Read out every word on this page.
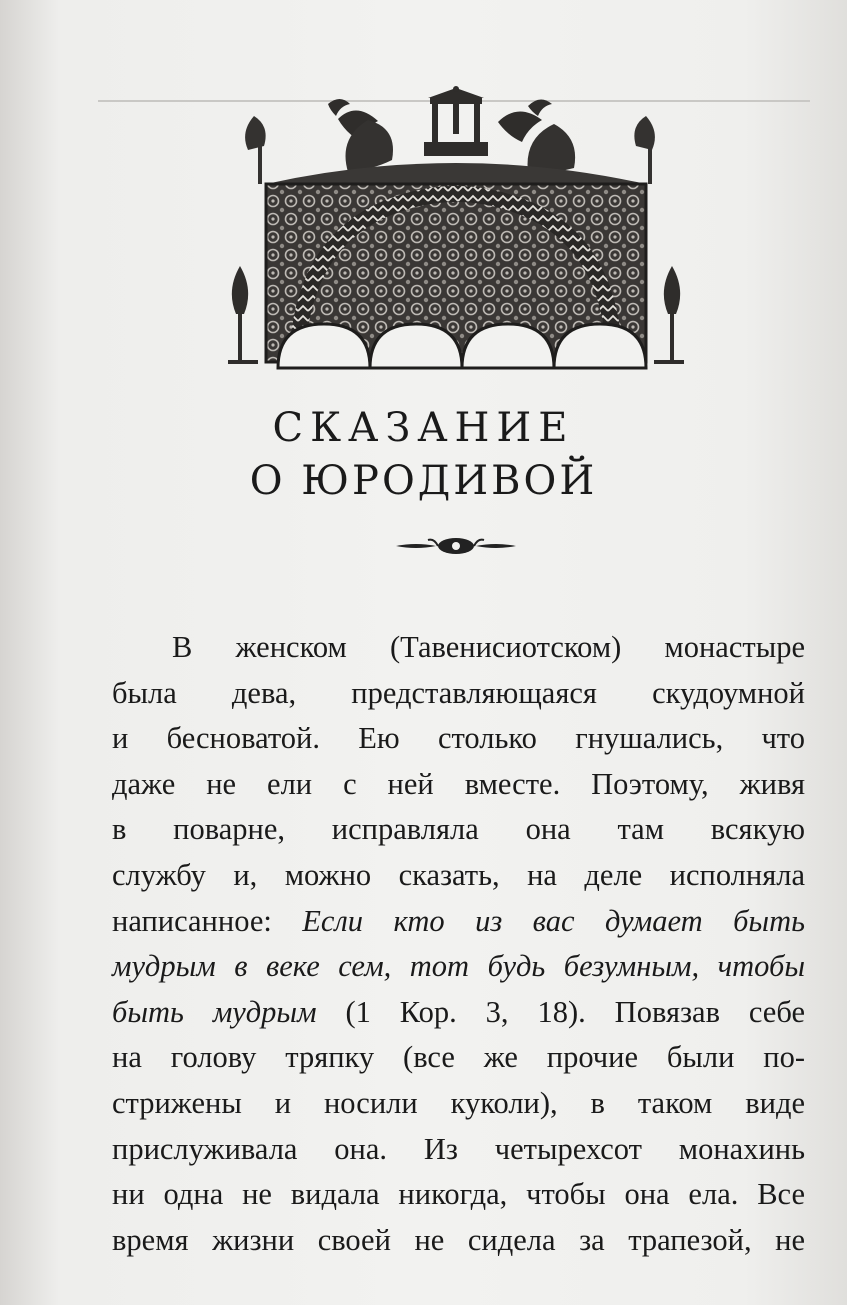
СКАЗАНИЕ
О ЮРОДИВОЙ
В женском (Тавенисиотском) монастыре
была дева, представляющаяся скудоумной
и бесноватой. Ею столько гнушались, что
даже не ели с ней вместе. Поэтому, живя
в поварне, исправляла она там всякую
службу и, можно сказать, на деле исполняла
написанное: Если кто из вас думает быть
мудрым в веке сем, тот будь безумным, чтобы
быть мудрым (1 Кор. 3, 18). Повязав себе
на голову тряпку (все же прочие были по-
стрижены и носили куколи), в таком виде
прислуживала она. Из четырехсот монахинь
ни одна не видала никогда, чтобы она ела. Все
время жизни своей не сидела за трапезой, не
